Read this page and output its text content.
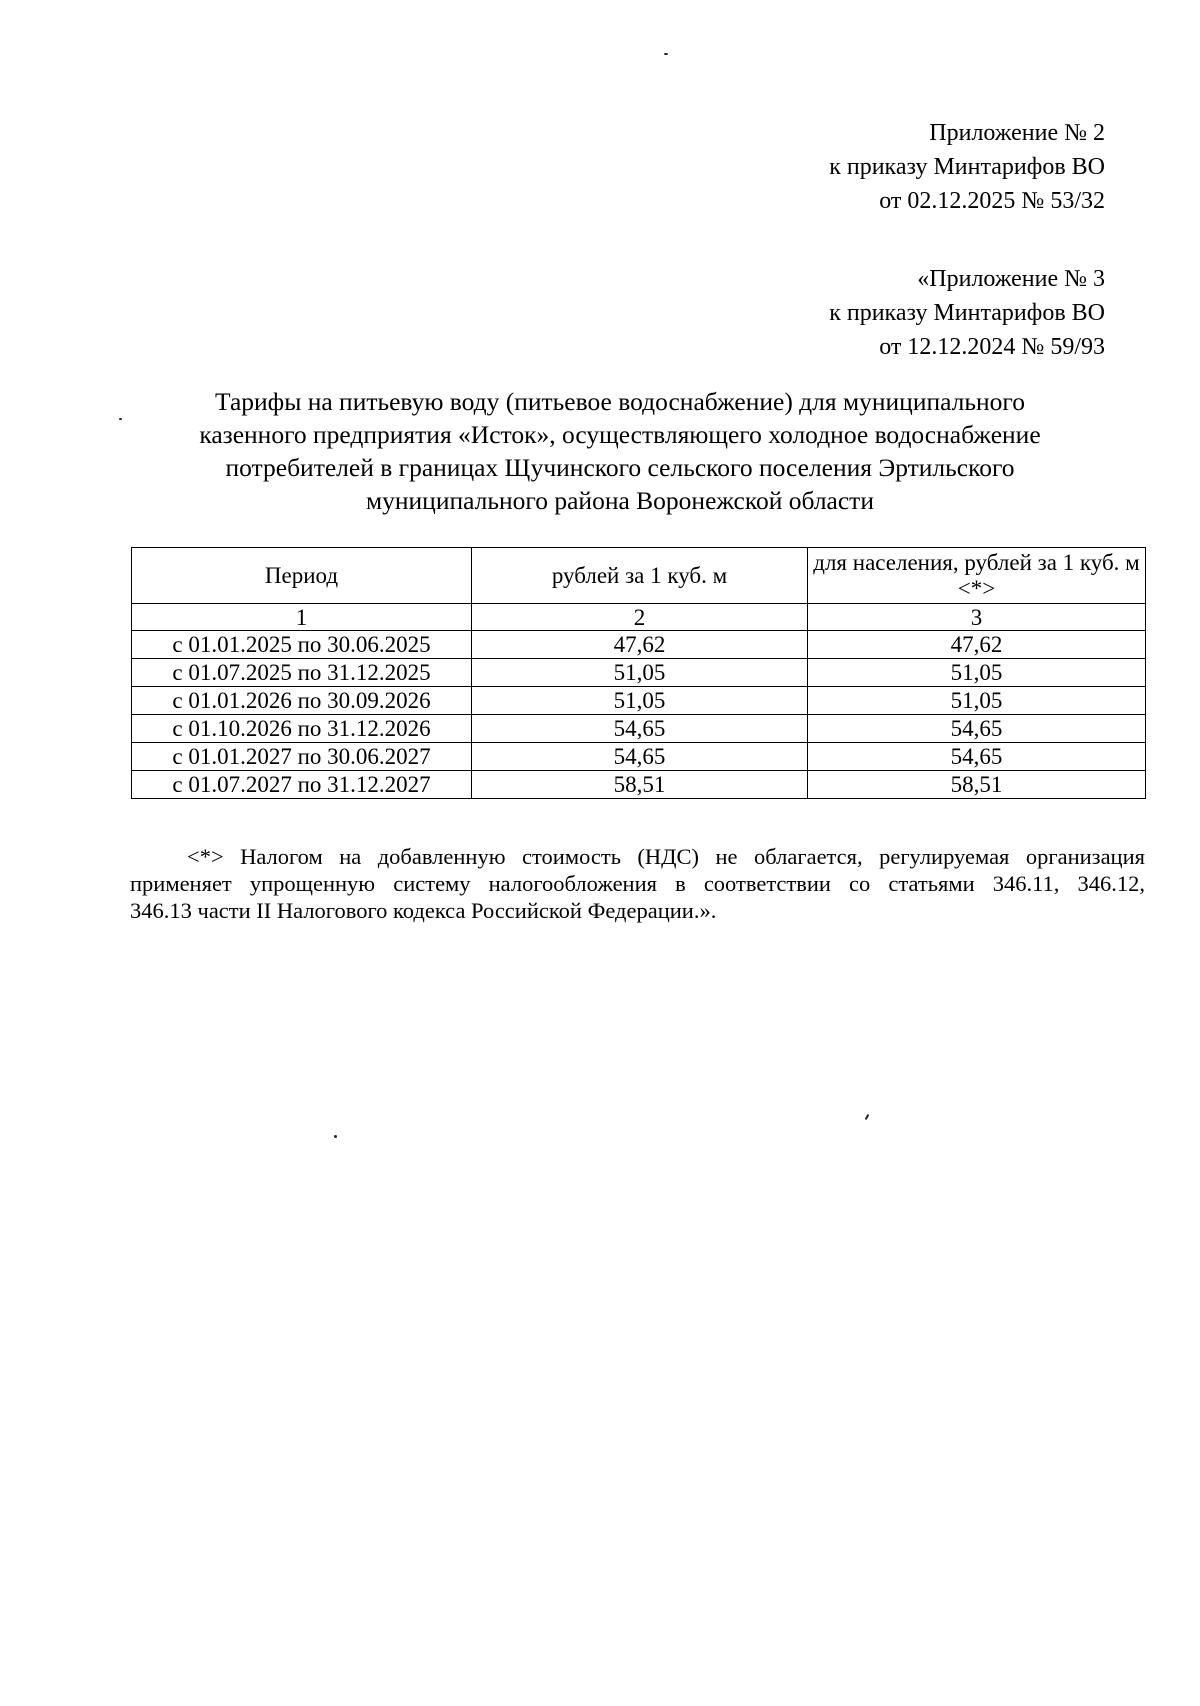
Приложение № 2
к приказу Минтарифов ВО
от 02.12.2025 № 53/32
«Приложение № 3
к приказу Минтарифов ВО
от 12.12.2024 № 59/93
Тарифы на питьевую воду (питьевое водоснабжение) для муниципального
казенного предприятия «Исток», осуществляющего холодное водоснабжение
потребителей в границах Щучинского сельского поселения Эртильского
муниципального района Воронежской области
Период	рублей за 1 куб. м	для населения, рублей за 1 куб. м <*>
1	2	3
с 01.01.2025 по 30.06.2025	47,62	47,62
с 01.07.2025 по 31.12.2025	51,05	51,05
с 01.01.2026 по 30.09.2026	51,05	51,05
с 01.10.2026 по 31.12.2026	54,65	54,65
с 01.01.2027 по 30.06.2027	54,65	54,65
с 01.07.2027 по 31.12.2027	58,51	58,51
<*> Налогом на добавленную стоимость (НДС) не облагается, регулируемая организация
применяет упрощенную систему налогообложения в соответствии со статьями 346.11, 346.12,
346.13 части II Налогового кодекса Российской Федерации.».
